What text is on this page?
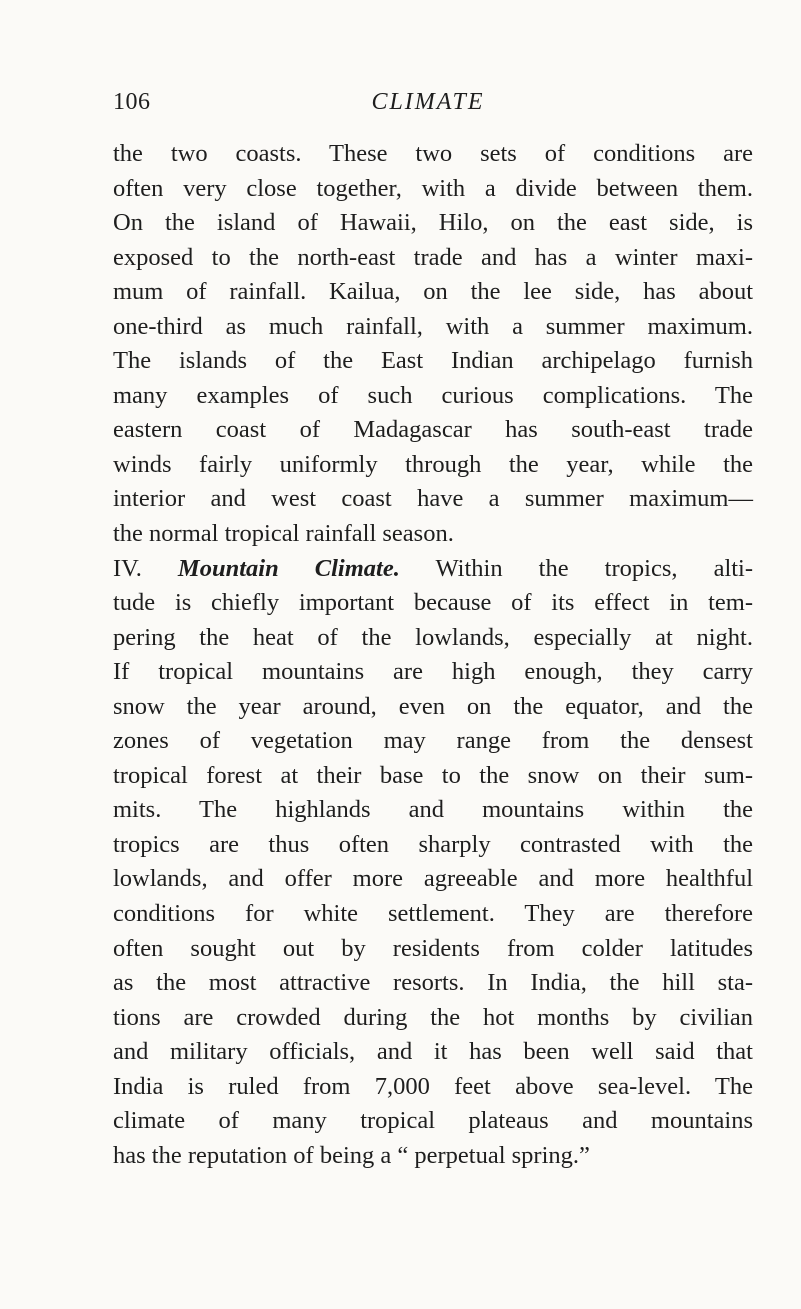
106	CLIMATE
the two coasts. These two sets of conditions are
often very close together, with a divide between them.
On the island of Hawaii, Hilo, on the east side, is
exposed to the north-east trade and has a winter maxi-
mum of rainfall. Kailua, on the lee side, has about
one-third as much rainfall, with a summer maximum.
The islands of the East Indian archipelago furnish
many examples of such curious complications. The
eastern coast of Madagascar has south-east trade
winds fairly uniformly through the year, while the
interior and west coast have a summer maximum—
the normal tropical rainfall season.
IV. Mountain Climate. Within the tropics, alti-
tude is chiefly important because of its effect in tem-
pering the heat of the lowlands, especially at night.
If tropical mountains are high enough, they carry
snow the year around, even on the equator, and the
zones of vegetation may range from the densest
tropical forest at their base to the snow on their sum-
mits. The highlands and mountains within the
tropics are thus often sharply contrasted with the
lowlands, and offer more agreeable and more healthful
conditions for white settlement. They are therefore
often sought out by residents from colder latitudes
as the most attractive resorts. In India, the hill sta-
tions are crowded during the hot months by civilian
and military officials, and it has been well said that
India is ruled from 7,000 feet above sea-level. The
climate of many tropical plateaus and mountains
has the reputation of being a “ perpetual spring.”
